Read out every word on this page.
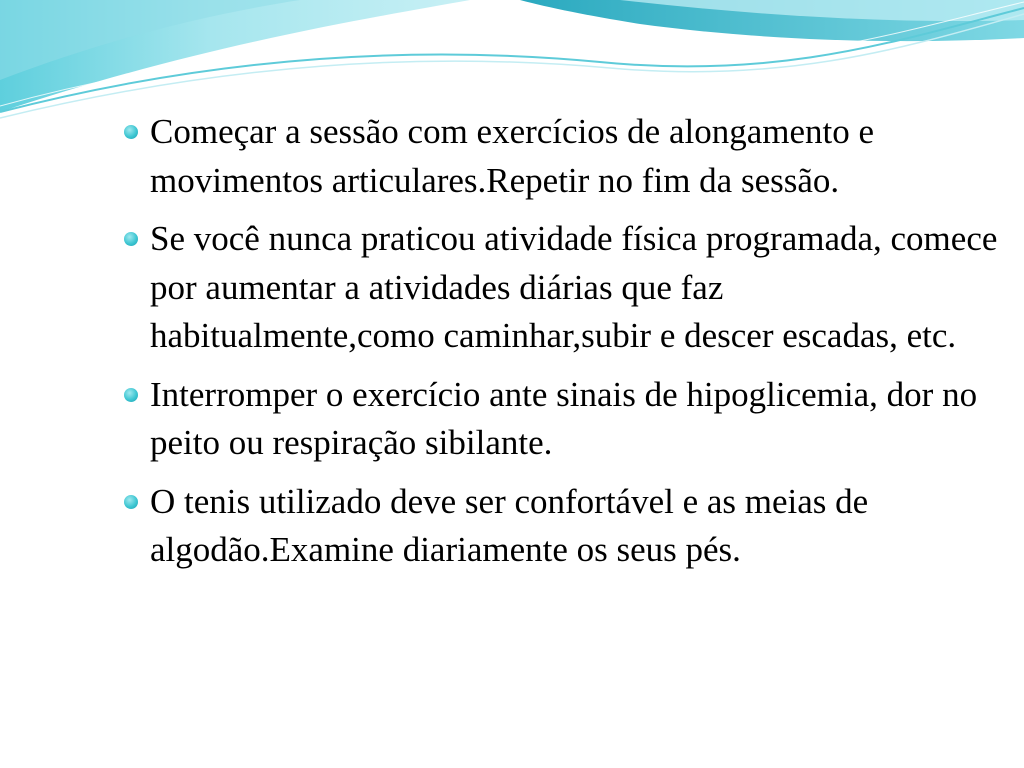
Começar a sessão com exercícios de alongamento e movimentos articulares.Repetir no fim da sessão.
Se você nunca praticou atividade física programada, comece por aumentar a atividades diárias que faz habitualmente,como caminhar,subir e descer escadas, etc.
Interromper o exercício ante sinais de hipoglicemia, dor no peito ou respiração sibilante.
O tenis utilizado deve ser confortável e as meias de algodão.Examine diariamente os seus pés.
